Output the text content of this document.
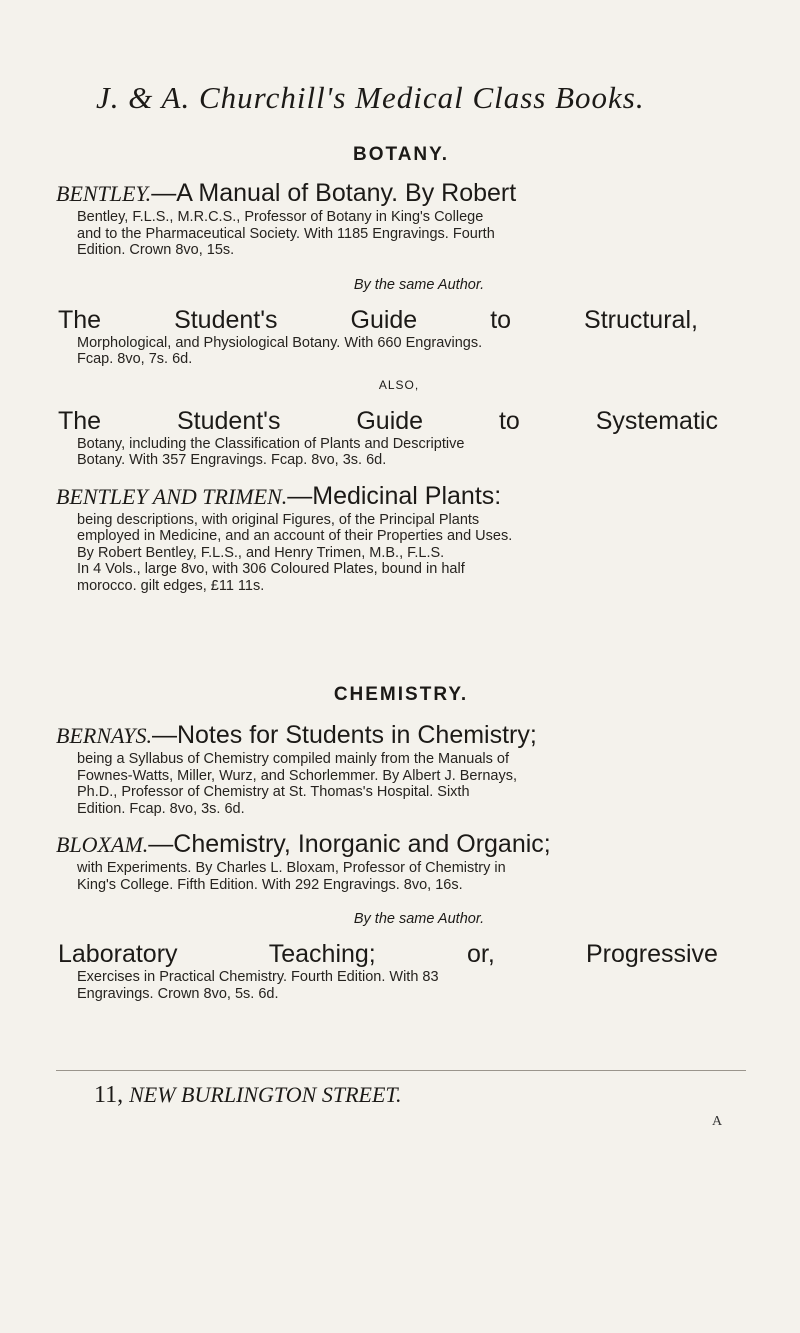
J. & A. Churchill's Medical Class Books.
BOTANY.
BENTLEY.—A Manual of Botany. By Robert
Bentley, F.L.S., M.R.C.S., Professor of Botany in King's College
and to the Pharmaceutical Society. With 1185 Engravings. Fourth
Edition. Crown 8vo, 15s.
By the same Author.
The	Student's	Guide	to	Structural,
Morphological, and Physiological Botany. With 660 Engravings.
Fcap. 8vo, 7s. 6d.
ALSO,
The	Student's	Guide	to	Systematic
Botany, including the Classification of Plants and Descriptive
Botany. With 357 Engravings. Fcap. 8vo, 3s. 6d.
BENTLEY AND TRIMEN.—Medicinal Plants:
being descriptions, with original Figures, of the Principal Plants
employed in Medicine, and an account of their Properties and Uses.
By Robert Bentley, F.L.S., and Henry Trimen, M.B., F.L.S.
In 4 Vols., large 8vo, with 306 Coloured Plates, bound in half
morocco. gilt edges, £11 11s.
CHEMISTRY.
BERNAYS.—Notes for Students in Chemistry;
being a Syllabus of Chemistry compiled mainly from the Manuals of
Fownes-Watts, Miller, Wurz, and Schorlemmer. By Albert J. Bernays,
Ph.D., Professor of Chemistry at St. Thomas's Hospital. Sixth
Edition. Fcap. 8vo, 3s. 6d.
BLOXAM.—Chemistry, Inorganic and Organic;
with Experiments. By Charles L. Bloxam, Professor of Chemistry in
King's College. Fifth Edition. With 292 Engravings. 8vo, 16s.
By the same Author.
Laboratory	Teaching;	or,	Progressive
Exercises in Practical Chemistry. Fourth Edition. With 83
Engravings. Crown 8vo, 5s. 6d.
11, NEW BURLINGTON STREET.
A
